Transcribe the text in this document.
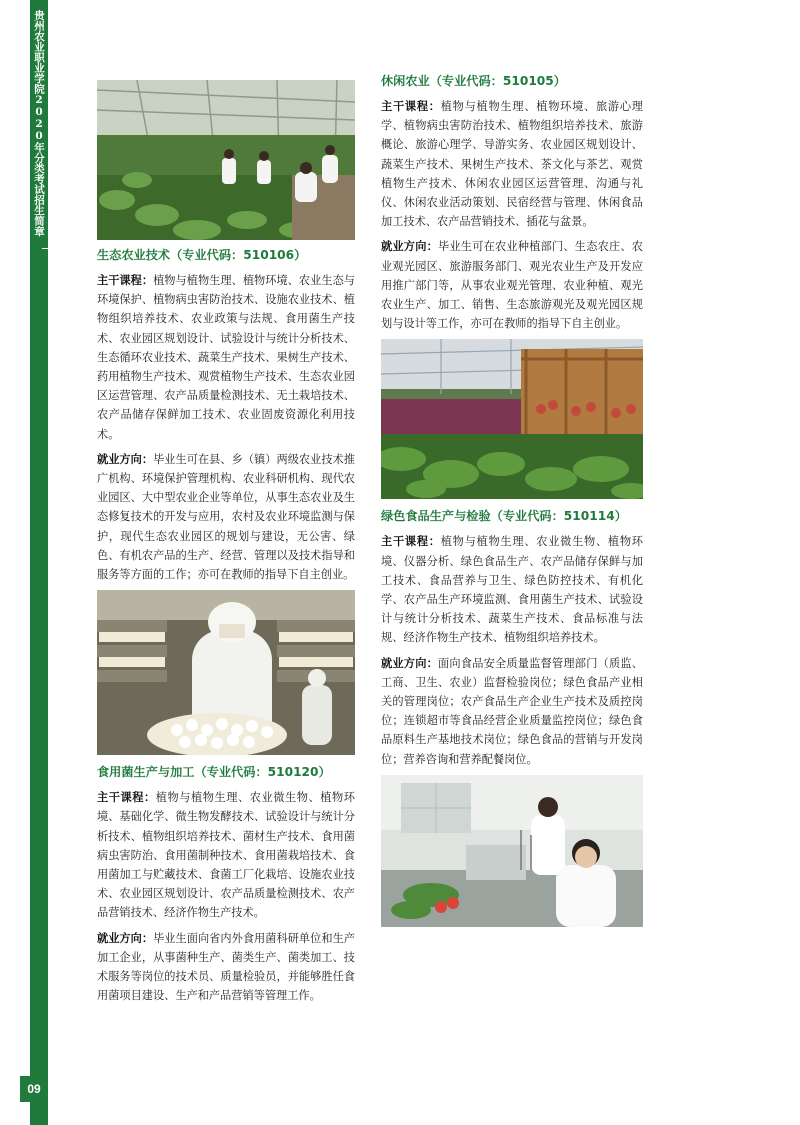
贵州农业职业学院2020年分类考试招生简章
09
生态农业技术（专业代码：510106）

主干课程：植物与植物生理、植物环境、农业生态与环境保护、植物病虫害防治技术、设施农业技术、植物组织培养技术、农业政策与法规、食用菌生产技术、农业园区规划设计、试验设计与统计分析技术、生态循环农业技术、蔬菜生产技术、果树生产技术、药用植物生产技术、观赏植物生产技术、生态农业园区运营管理、农产品质量检测技术、无土栽培技术、农产品储存保鲜加工技术、农业固废资源化利用技术。

就业方向：毕业生可在县、乡（镇）两级农业技术推广机构、环境保护管理机构、农业科研机构、现代农业园区、大中型农业企业等单位，从事生态农业及生态修复技术的开发与应用，农村及农业环境监测与保护，现代生态农业园区的规划与建设，无公害、绿色、有机农产品的生产、经营、管理以及技术指导和服务等方面的工作；亦可在教师的指导下自主创业。

食用菌生产与加工（专业代码：510120）

主干课程：植物与植物生理、农业微生物、植物环境、基础化学、微生物发酵技术、试验设计与统计分析技术、植物组织培养技术、菌材生产技术、食用菌病虫害防治、食用菌制种技术、食用菌栽培技术、食用菌加工与贮藏技术、食菌工厂化栽培、设施农业技术、农业园区规划设计、农产品质量检测技术、农产品营销技术、经济作物生产技术。

就业方向：毕业生面向省内外食用菌科研单位和生产加工企业，从事菌种生产、菌类生产、菌类加工、技术服务等岗位的技术员、质量检验员，并能够胜任食用菌项目建设、生产和产品营销等管理工作。

休闲农业（专业代码：510105）

主干课程：植物与植物生理、植物环境、旅游心理学、植物病虫害防治技术、植物组织培养技术、旅游概论、旅游心理学、导游实务、农业园区规划设计、蔬菜生产技术、果树生产技术、茶文化与茶艺、观赏植物生产技术、休闲农业园区运营管理、沟通与礼仪、休闲农业活动策划、民宿经营与管理、休闲食品加工技术、农产品营销技术、插花与盆景。

就业方向：毕业生可在农业种植部门、生态农庄、农业观光园区、旅游服务部门、观光农业生产及开发应用推广部门等，从事农业观光管理、农业种植、观光农业生产、加工、销售、生态旅游观光及观光园区规划与设计等工作，亦可在教师的指导下自主创业。

绿色食品生产与检验（专业代码：510114）

主干课程：植物与植物生理、农业微生物、植物环境、仪器分析、绿色食品生产、农产品储存保鲜与加工技术、食品营养与卫生、绿色防控技术、有机化学、农产品生产环境监测、食用菌生产技术、试验设计与统计分析技术、蔬菜生产技术、食品标准与法规、经济作物生产技术、植物组织培养技术。

就业方向：面向食品安全质量监督管理部门（质监、工商、卫生、农业）监督检验岗位；绿色食品产业相关的管理岗位；农产食品生产企业生产技术及质控岗位；连锁超市等食品经营企业质量监控岗位；绿色食品原料生产基地技术岗位；绿色食品的营销与开发岗位；营养咨询和营养配餐岗位。
